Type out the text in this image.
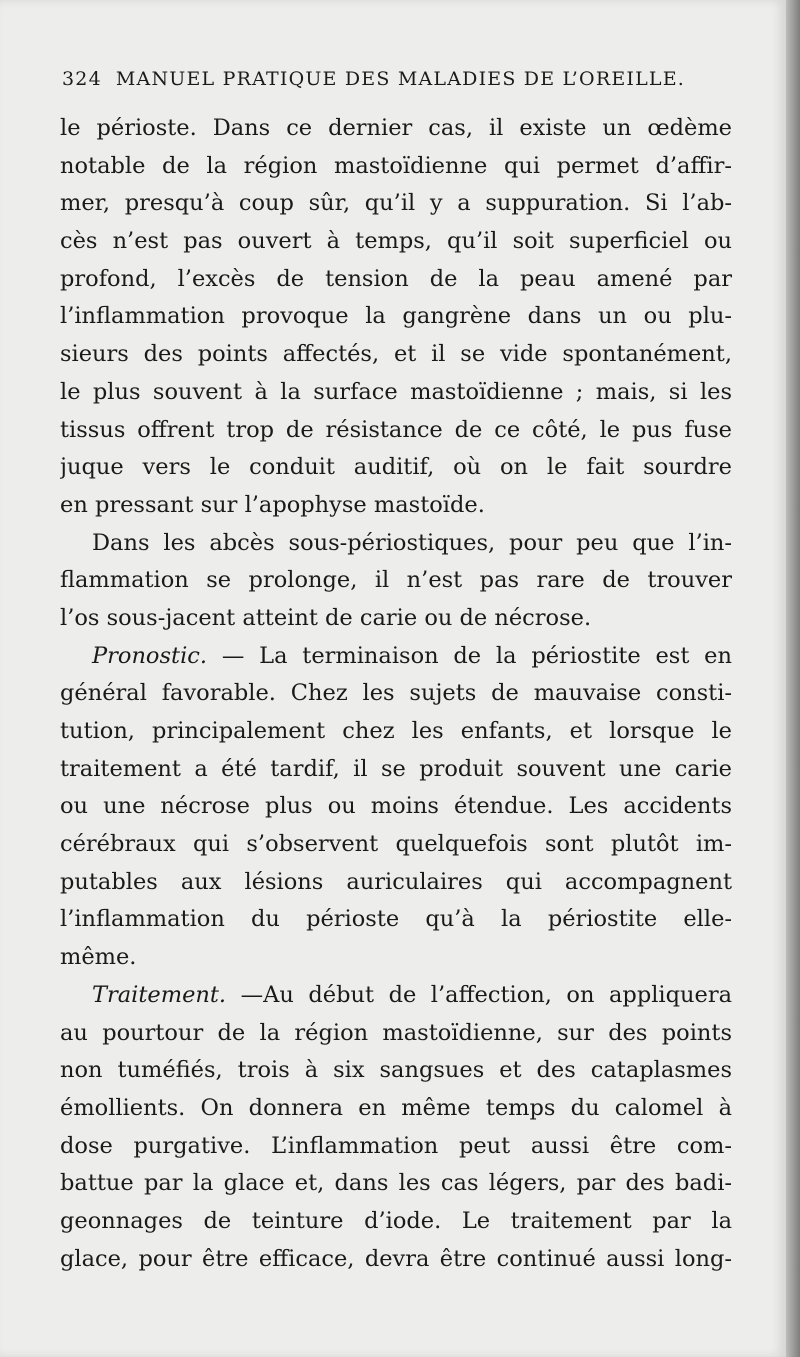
324 MANUEL PRATIQUE DES MALADIES DE L’OREILLE.
le périoste. Dans ce dernier cas, il existe un œdème
notable de la région mastoïdienne qui permet d’affir-
mer, presqu’à coup sûr, qu’il y a suppuration. Si l’ab-
cès n’est pas ouvert à temps, qu’il soit superficiel ou
profond, l’excès de tension de la peau amené par
l’inflammation provoque la gangrène dans un ou plu-
sieurs des points affectés, et il se vide spontanément,
le plus souvent à la surface mastoïdienne ; mais, si les
tissus offrent trop de résistance de ce côté, le pus fuse
juque vers le conduit auditif, où on le fait sourdre
en pressant sur l’apophyse mastoïde.
Dans les abcès sous-périostiques, pour peu que l’in-
flammation se prolonge, il n’est pas rare de trouver
l’os sous-jacent atteint de carie ou de nécrose.
Pronostic. — La terminaison de la périostite est en
général favorable. Chez les sujets de mauvaise consti-
tution, principalement chez les enfants, et lorsque le
traitement a été tardif, il se produit souvent une carie
ou une nécrose plus ou moins étendue. Les accidents
cérébraux qui s’observent quelquefois sont plutôt im-
putables aux lésions auriculaires qui accompagnent
l’inflammation du périoste qu’à la périostite elle-
même.
Traitement. —Au début de l’affection, on appliquera
au pourtour de la région mastoïdienne, sur des points
non tuméfiés, trois à six sangsues et des cataplasmes
émollients. On donnera en même temps du calomel à
dose purgative. L’inflammation peut aussi être com-
battue par la glace et, dans les cas légers, par des badi-
geonnages de teinture d’iode. Le traitement par la
glace, pour être efficace, devra être continué aussi long-
